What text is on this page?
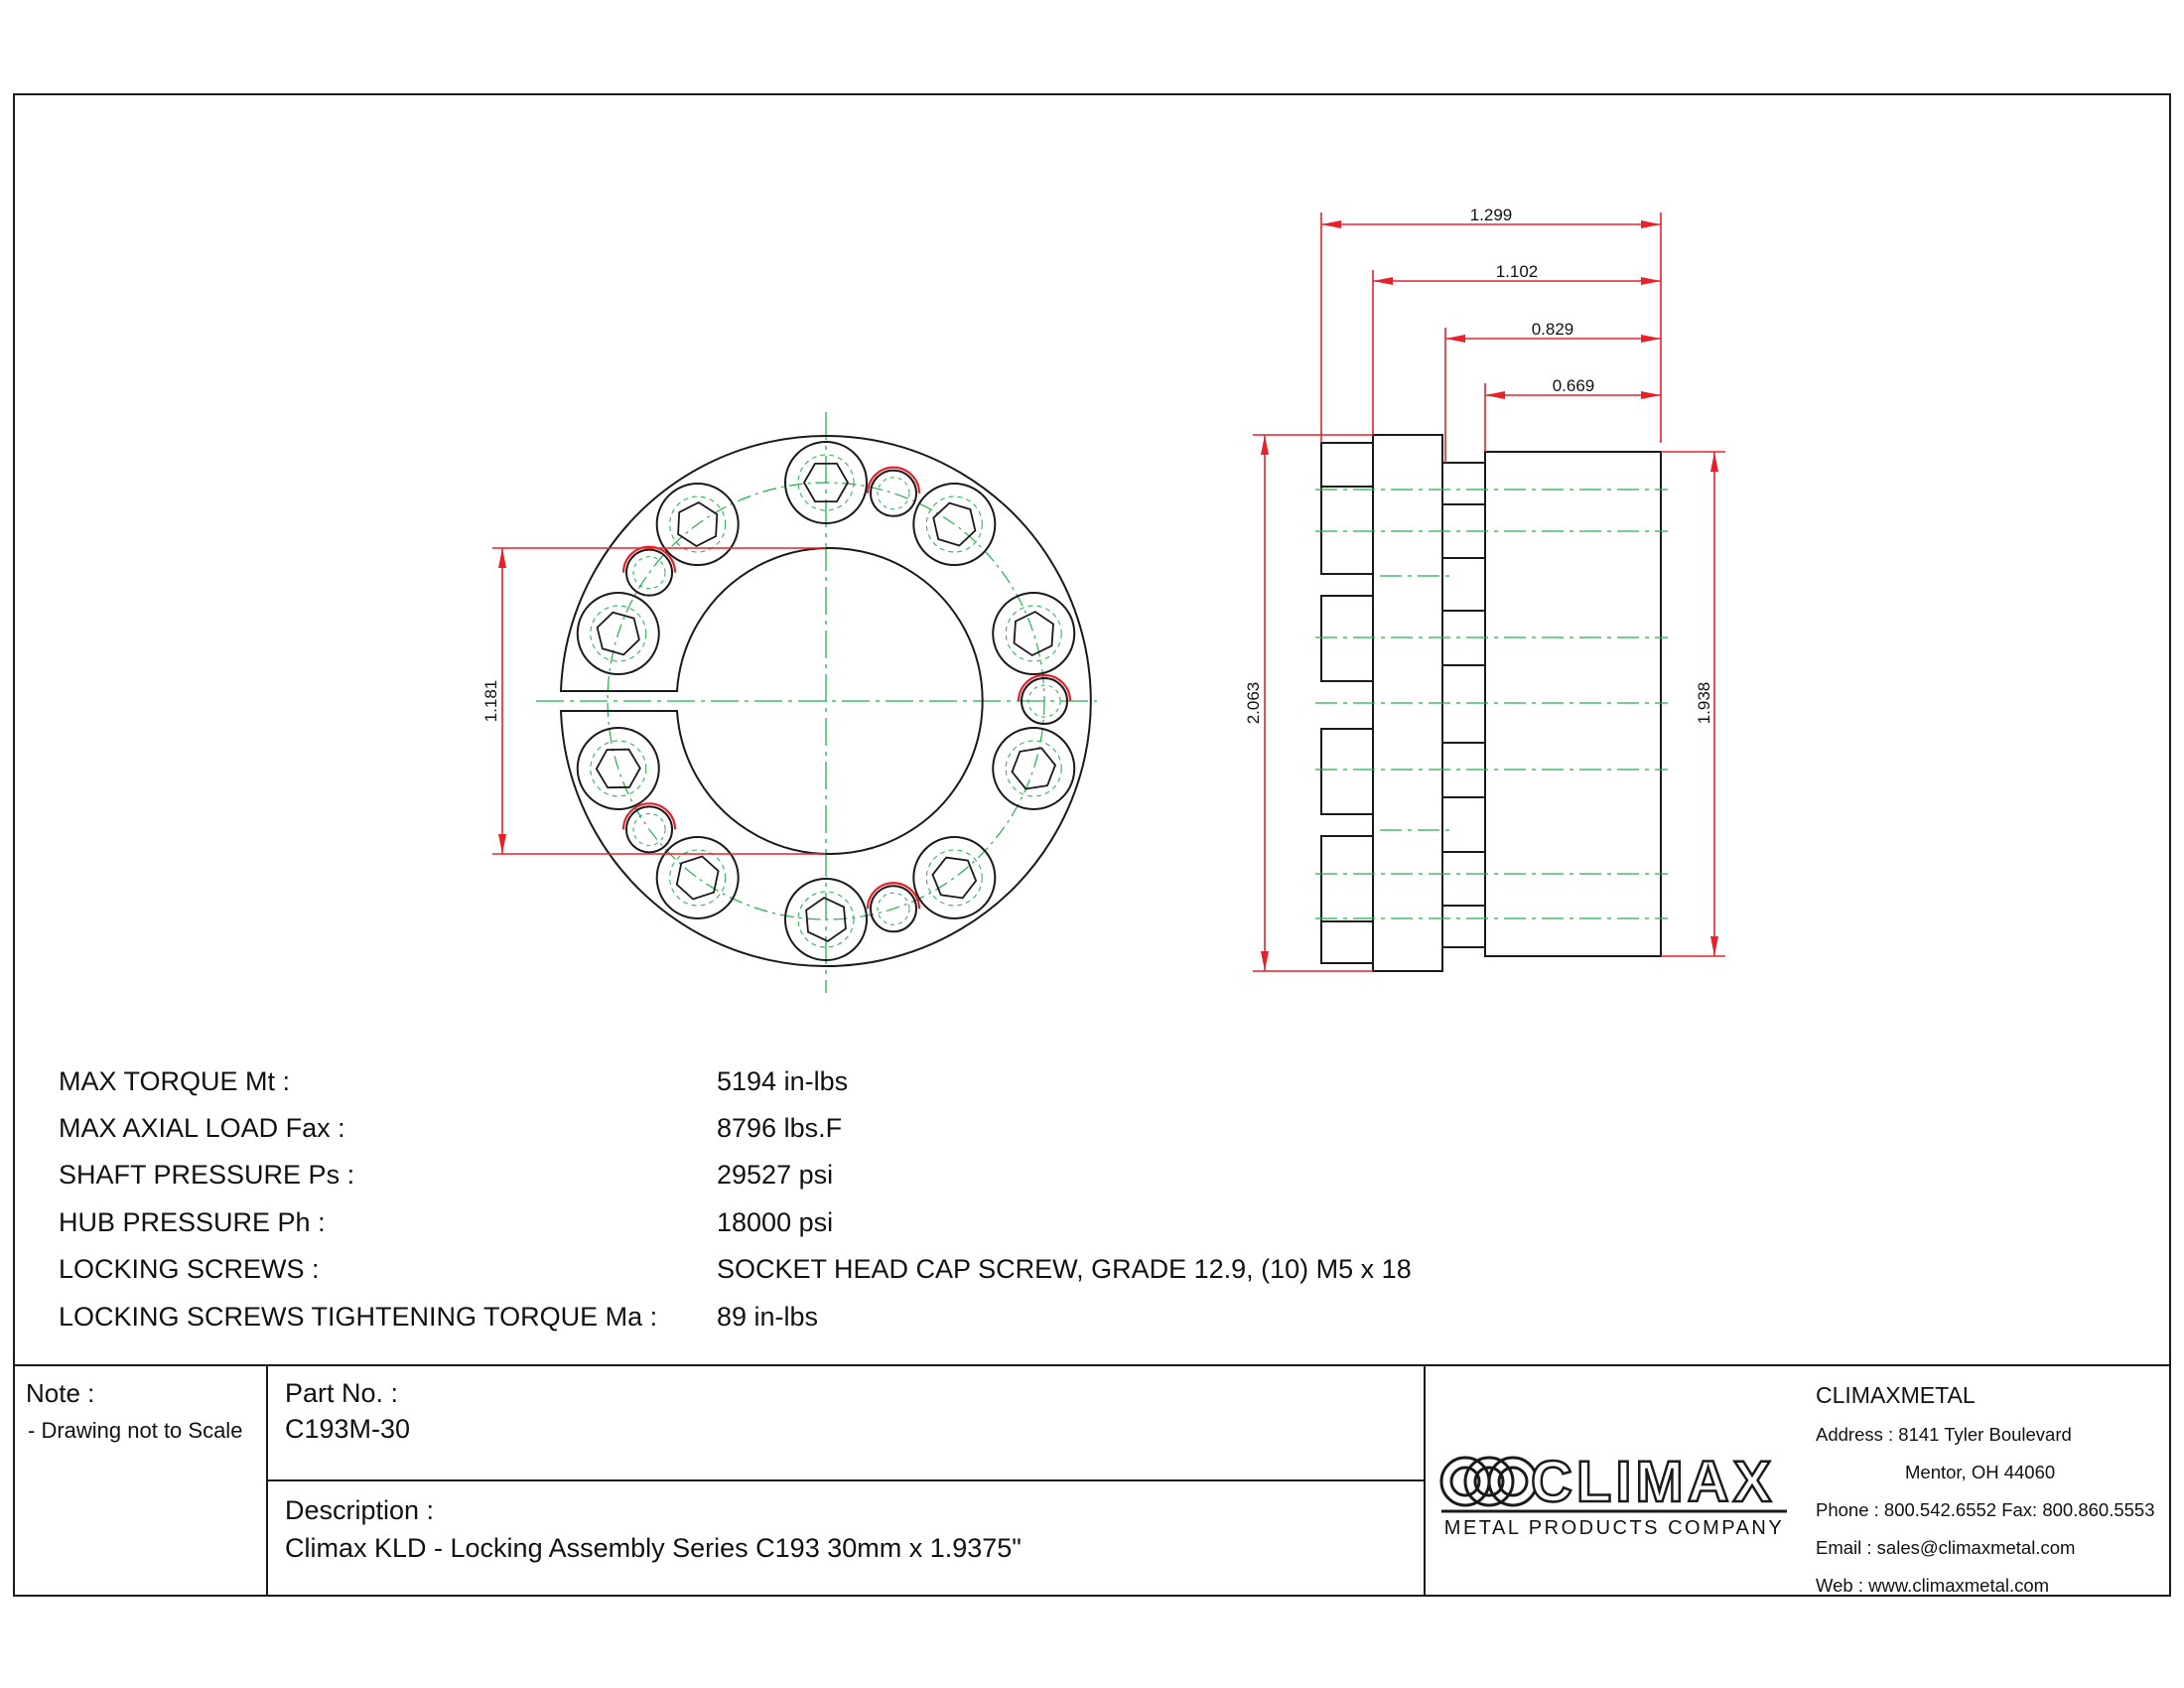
1.299
1.102
0.829
0.669
2.063	1.938
1.181
MAX TORQUE Mt :	5194 in-lbs
MAX AXIAL LOAD Fax :	8796 lbs.F
SHAFT PRESSURE Ps :	29527 psi
HUB PRESSURE Ph :	18000 psi
LOCKING SCREWS :	SOCKET HEAD CAP SCREW, GRADE 12.9, (10) M5 x 18
LOCKING SCREWS TIGHTENING TORQUE Ma : 89 in-lbs
Note :
- Drawing not to Scale
Part No. :
C193M-30
Description :
Climax KLD - Locking Assembly Series C193 30mm x 1.9375"
CLIMAX
METAL PRODUCTS COMPANY
CLIMAXMETAL
Address : 8141 Tyler Boulevard
Mentor, OH 44060
Phone : 800.542.6552 Fax: 800.860.5553
Email : sales@climaxmetal.com
Web : www.climaxmetal.com
